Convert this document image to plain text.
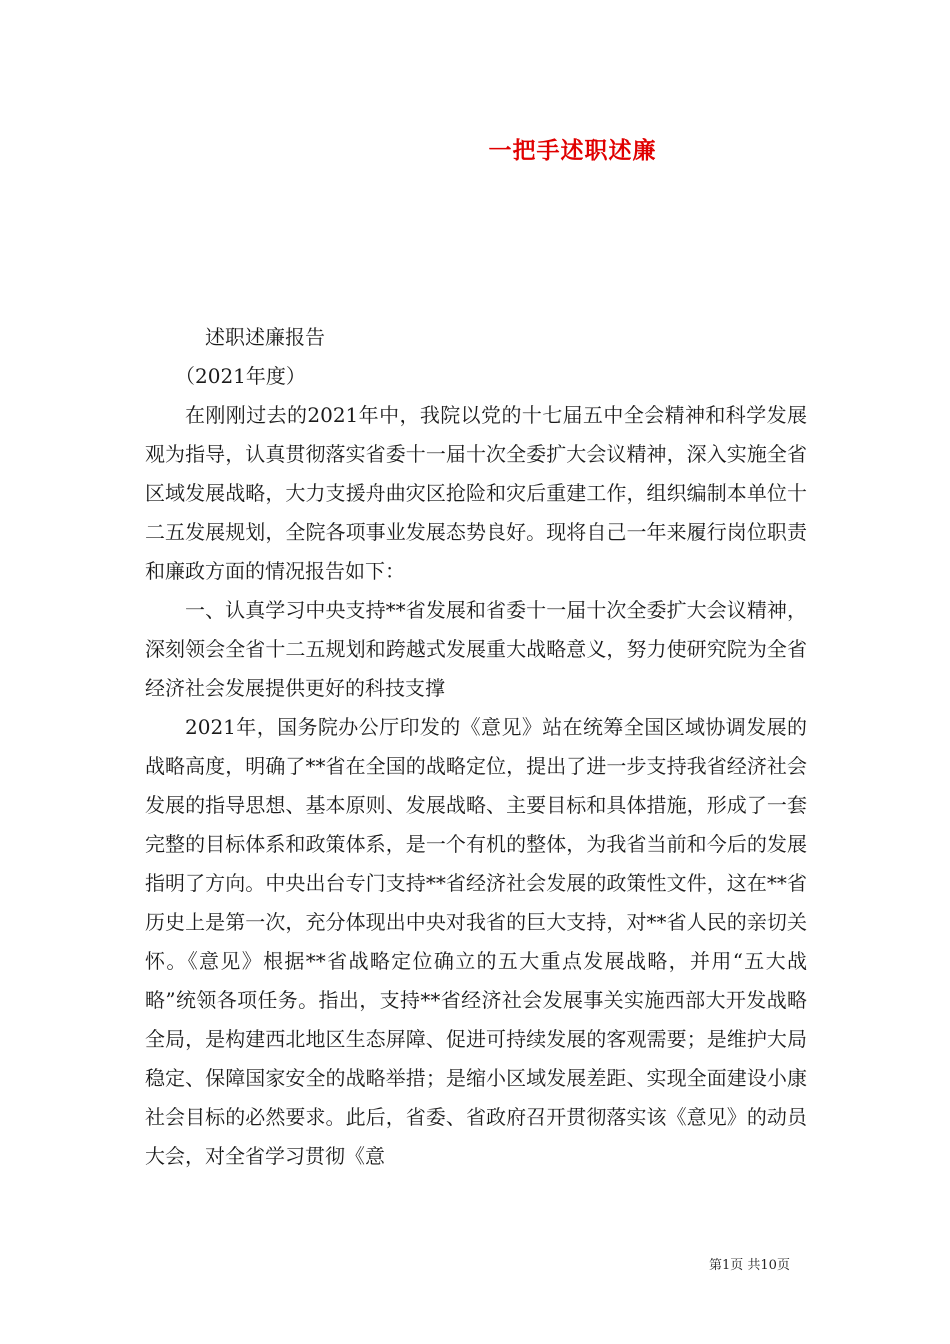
一把手述职述廉

述职述廉报告

（2021年度）

在刚刚过去的2021年中，我院以党的十七届五中全会精神和科学发展观为指导，认真贯彻落实省委十一届十次全委扩大会议精神，深入实施全省区域发展战略，大力支援舟曲灾区抢险和灾后重建工作，组织编制本单位十二五发展规划，全院各项事业发展态势良好。现将自己一年来履行岗位职责和廉政方面的情况报告如下：

一、认真学习中央支持**省发展和省委十一届十次全委扩大会议精神，深刻领会全省十二五规划和跨越式发展重大战略意义，努力使研究院为全省经济社会发展提供更好的科技支撑

2021年，国务院办公厅印发的《意见》站在统筹全国区域协调发展的战略高度，明确了**省在全国的战略定位，提出了进一步支持我省经济社会发展的指导思想、基本原则、发展战略、主要目标和具体措施，形成了一套完整的目标体系和政策体系，是一个有机的整体，为我省当前和今后的发展指明了方向。中央出台专门支持**省经济社会发展的政策性文件，这在**省历史上是第一次，充分体现出中央对我省的巨大支持，对**省人民的亲切关怀。《意见》根据**省战略定位确立的五大重点发展战略，并用“五大战略”统领各项任务。指出，支持**省经济社会发展事关实施西部大开发战略全局，是构建西北地区生态屏障、促进可持续发展的客观需要；是维护大局稳定、保障国家安全的战略举措；是缩小区域发展差距、实现全面建设小康社会目标的必然要求。此后，省委、省政府召开贯彻落实该《意见》的动员大会，对全省学习贯彻《意

第1页 共10页
